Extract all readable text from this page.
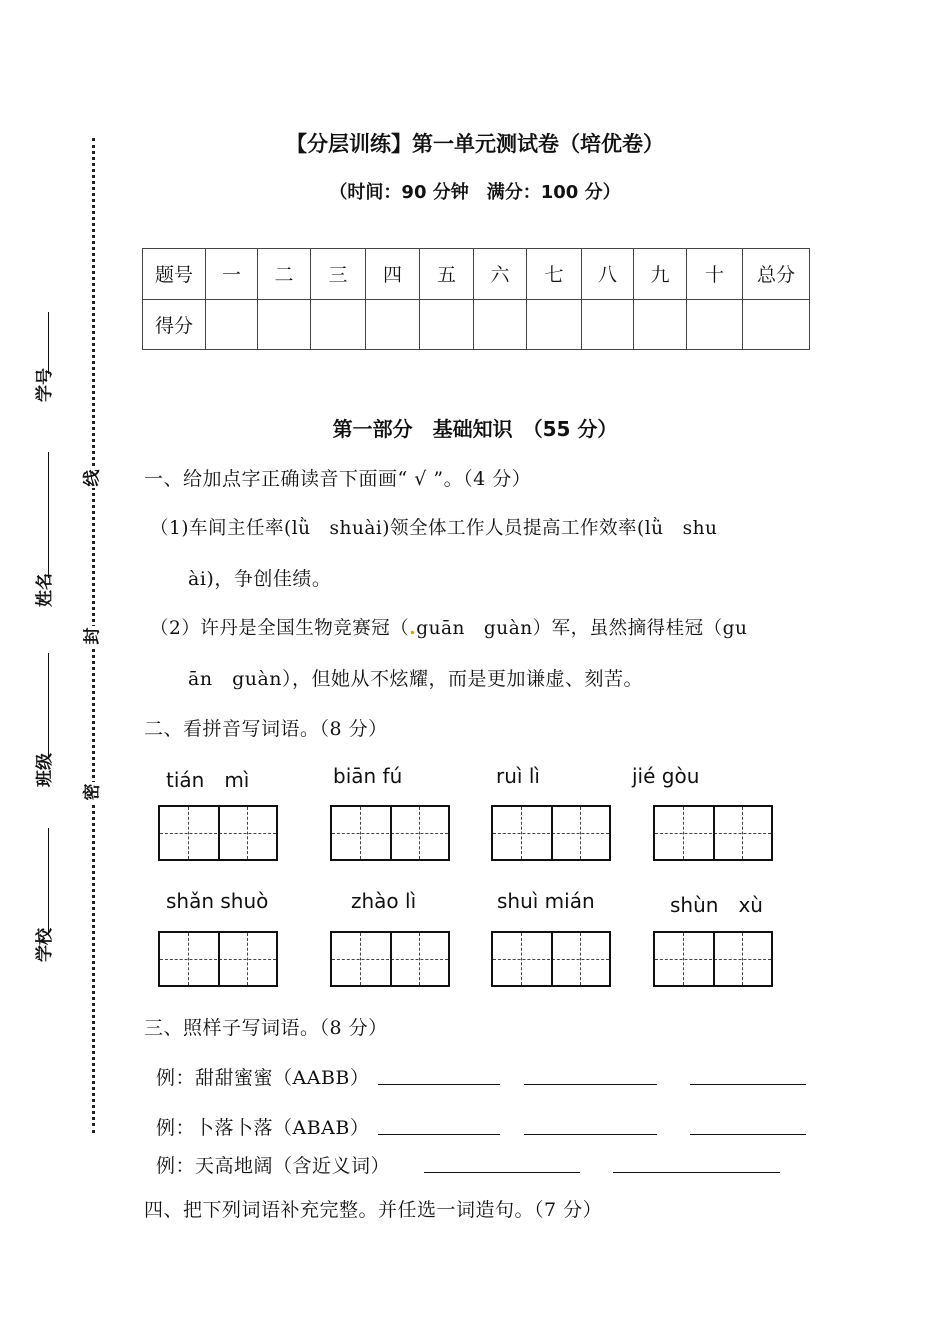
学号
姓名
班级
学校
线
封
密
【分层训练】第一单元测试卷（培优卷）
（时间：90 分钟　满分：100 分）
题号	一	二	三	四	五	六	七	八	九	十	总分
得分											
第一部分　基础知识　（55 分）
一、给加点字正确读音下面画“ √ ”。（4 分）
（1)车间主任率(lǜ　shuài)领全体工作人员提高工作效率(lǜ　shu
ài)，争创佳绩。
（2）许丹是全国生物竞赛冠（.guān　guàn）军，虽然摘得桂冠（gu
ān　guàn），但她从不炫耀，而是更加谦虚、刻苦。
二、看拼音写词语。（8 分）
tián　mì	biān fú	ruì lì	jié gòu
shǎn shuò	zhào lì	shuì mián	shùn　xù
三、照样子写词语。（8 分）
例：甜甜蜜蜜（AABB）
例：卜落卜落（ABAB）
例：天高地阔（含近义词）
四、把下列词语补充完整。并任选一词造句。（7 分）
